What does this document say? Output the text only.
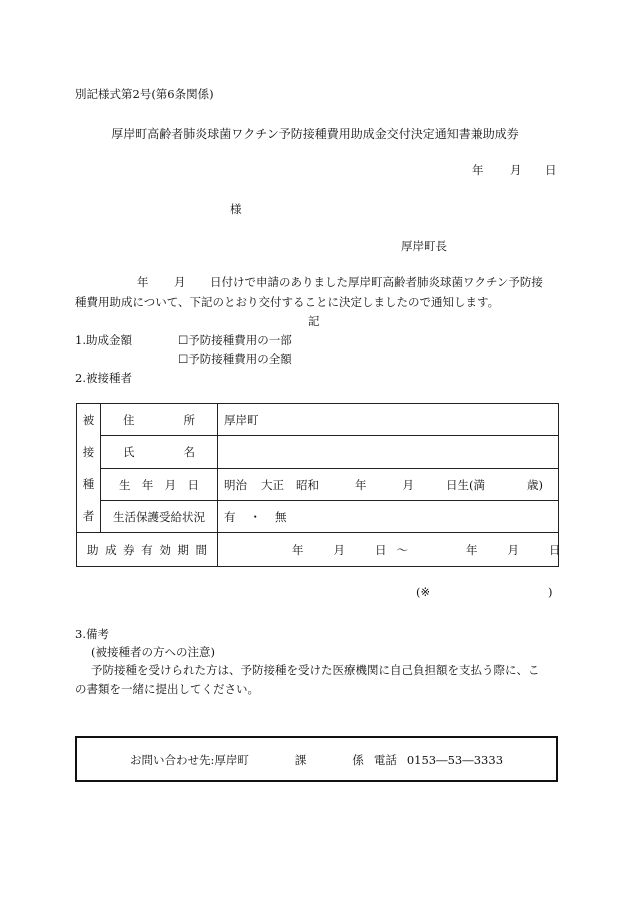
別記様式第2号(第6条関係)
厚岸町高齢者肺炎球菌ワクチン予防接種費用助成金交付決定通知書兼助成券
年 月 日
様
厚岸町長
年 月 日付けで申請のありました厚岸町高齢者肺炎球菌ワクチン予防接
種費用助成について、下記のとおり交付することに決定しましたので通知します。
記
1.助成金額	☐予防接種費用の一部
☐予防接種費用の全額
2.被接種者
被
接
種
者	住所	厚岸町
	氏名	
	生年月日	明治 大正 昭和 年 月 日生(満 歳)
	生活保護受給状況	有 ・ 無
助成券有効期間		年 月 日 ～ 年 月 日
(※	)
3.備考
(被接種者の方への注意)
予防接種を受けられた方は、予防接種を受けた医療機関に自己負担額を支払う際に、こ
の書類を一緒に提出してください。
お問い合わせ先:厚岸町	課	係 電話 0153―53―3333
